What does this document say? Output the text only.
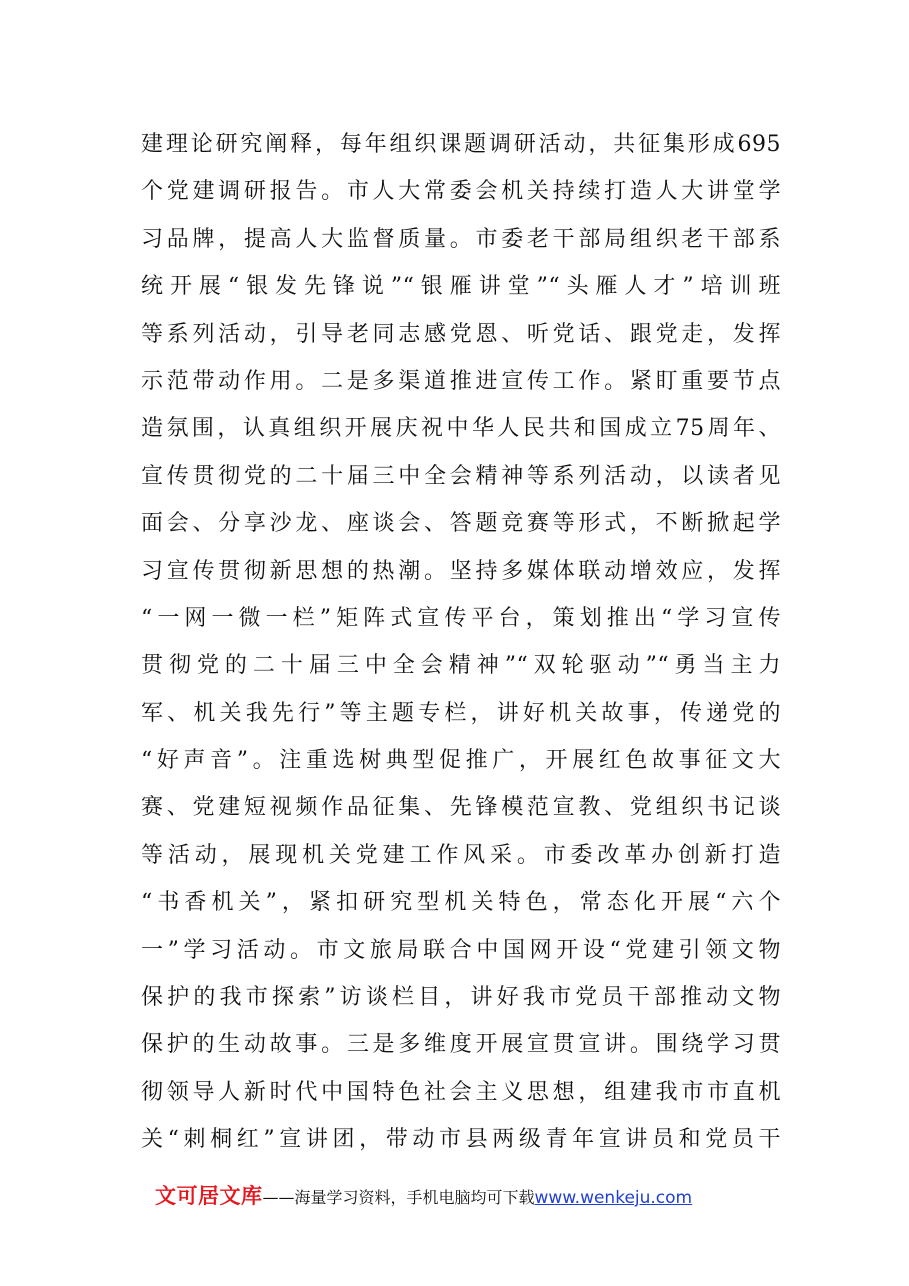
建理论研究阐释，每年组织课题调研活动，共征集形成695
个党建调研报告。市人大常委会机关持续打造人大讲堂学
习品牌，提高人大监督质量。市委老干部局组织老干部系
统开展“银发先锋说”“银雁讲堂”“头雁人才”培训班
等系列活动，引导老同志感党恩、听党话、跟党走，发挥
示范带动作用。二是多渠道推进宣传工作。紧盯重要节点
造氛围，认真组织开展庆祝中华人民共和国成立75周年、
宣传贯彻党的二十届三中全会精神等系列活动，以读者见
面会、分享沙龙、座谈会、答题竞赛等形式，不断掀起学
习宣传贯彻新思想的热潮。坚持多媒体联动增效应，发挥
“一网一微一栏”矩阵式宣传平台，策划推出“学习宣传
贯彻党的二十届三中全会精神”“双轮驱动”“勇当主力
军、机关我先行”等主题专栏，讲好机关故事，传递党的
“好声音”。注重选树典型促推广，开展红色故事征文大
赛、党建短视频作品征集、先锋模范宣教、党组织书记谈
等活动，展现机关党建工作风采。市委改革办创新打造
“书香机关”，紧扣研究型机关特色，常态化开展“六个
一”学习活动。市文旅局联合中国网开设“党建引领文物
保护的我市探索”访谈栏目，讲好我市党员干部推动文物
保护的生动故事。三是多维度开展宣贯宣讲。围绕学习贯
彻领导人新时代中国特色社会主义思想，组建我市市直机
关“刺桐红”宣讲团，带动市县两级青年宣讲员和党员干
文可居文库——海量学习资料，手机电脑均可下载www.wenkeju.com
